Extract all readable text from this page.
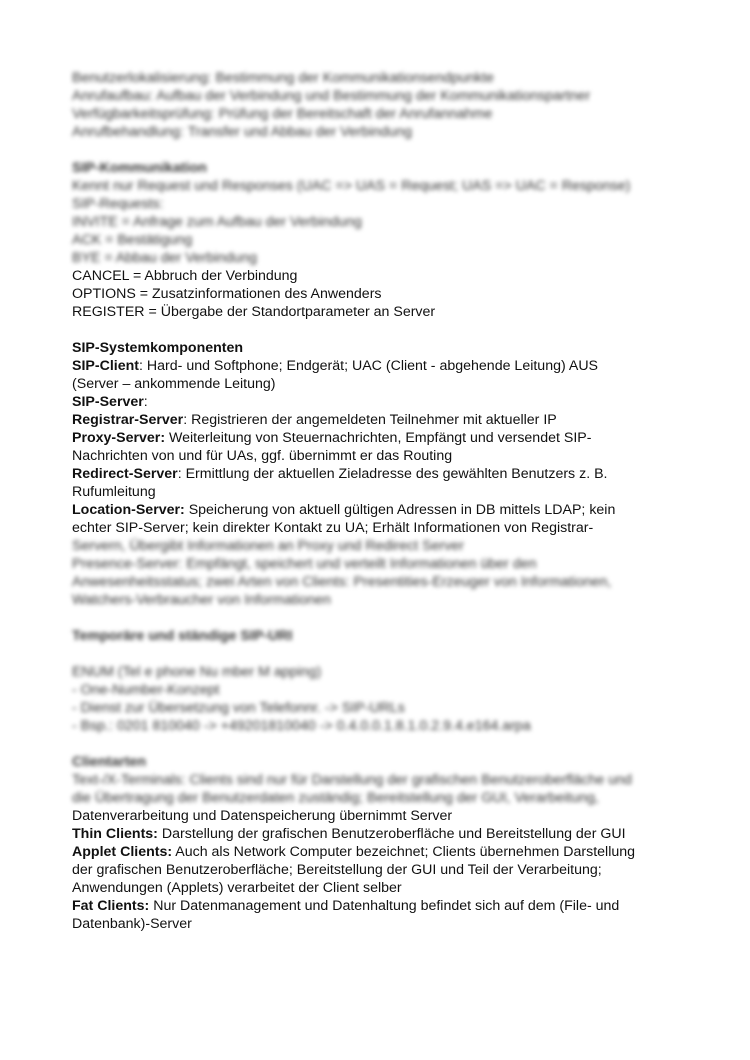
Benutzerlokalisierung: Bestimmung der Kommunikationsendpunkte
Anrufaufbau: Aufbau der Verbindung und Bestimmung der Kommunikationspartner
Verfügbarkeitsprüfung: Prüfung der Bereitschaft der Anrufannahme
Anrufbehandlung: Transfer und Abbau der Verbindung
SIP-Kommunikation
Kennt nur Request und Responses (UAC => UAS = Request; UAS => UAC = Response)
SIP-Requests:
INVITE = Anfrage zum Aufbau der Verbindung
ACK = Bestätigung
BYE = Abbau der Verbindung
CANCEL = Abbruch der Verbindung
OPTIONS = Zusatzinformationen des Anwenders
REGISTER = Übergabe der Standortparameter an Server
SIP-Systemkomponenten
SIP-Client: Hard- und Softphone; Endgerät; UAC (Client - abgehende Leitung) AUS
(Server – ankommende Leitung)
SIP-Server:
Registrar-Server: Registrieren der angemeldeten Teilnehmer mit aktueller IP
Proxy-Server: Weiterleitung von Steuernachrichten, Empfängt und versendet SIP-
Nachrichten von und für UAs, ggf. übernimmt er das Routing
Redirect-Server: Ermittlung der aktuellen Zieladresse des gewählten Benutzers z. B.
Rufumleitung
Location-Server: Speicherung von aktuell gültigen Adressen in DB mittels LDAP; kein
echter SIP-Server; kein direkter Kontakt zu UA; Erhält Informationen von Registrar-
Servern, Übergibt Informationen an Proxy und Redirect Server
Presence-Server: Empfängt, speichert und verteilt Informationen über den
Anwesenheitsstatus; zwei Arten von Clients: Presentities-Erzeuger von Informationen,
Watchers-Verbraucher von Informationen
Temporäre und ständige SIP-URI
ENUM (Tel e phone Nu mber M apping)
- One-Number-Konzept
- Dienst zur Übersetzung von Telefonnr. -> SIP-URLs
- Bsp.: 0201 810040 -> +49201810040 -> 0.4.0.0.1.8.1.0.2.9.4.e164.arpa
Clientarten
Text-/X-Terminals: Clients sind nur für Darstellung der grafischen Benutzeroberfläche und
die Übertragung der Benutzerdaten zuständig; Bereitstellung der GUI, Verarbeitung,
Datenverarbeitung und Datenspeicherung übernimmt Server
Thin Clients: Darstellung der grafischen Benutzeroberfläche und Bereitstellung der GUI
Applet Clients: Auch als Network Computer bezeichnet; Clients übernehmen Darstellung
der grafischen Benutzeroberfläche; Bereitstellung der GUI und Teil der Verarbeitung;
Anwendungen (Applets) verarbeitet der Client selber
Fat Clients: Nur Datenmanagement und Datenhaltung befindet sich auf dem (File- und
Datenbank)-Server
